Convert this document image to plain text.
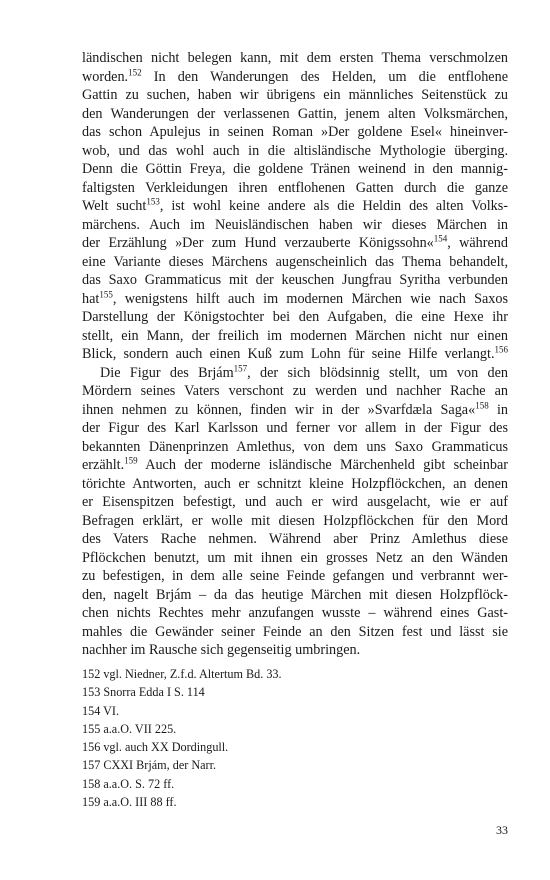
ländischen nicht belegen kann, mit dem ersten Thema verschmolzen
worden.$^{152}$ In den Wanderungen des Helden, um die entflohene
Gattin zu suchen, haben wir übrigens ein männliches Seitenstück zu
den Wanderungen der verlassenen Gattin, jenem alten Volksmärchen,
das schon Apulejus in seinen Roman »Der goldene Esel« hineinver-
wob, und das wohl auch in die altisländische Mythologie überging.
Denn die Göttin Freya, die goldene Tränen weinend in den mannig-
faltigsten Verkleidungen ihren entflohenen Gatten durch die ganze
Welt sucht$^{153}$, ist wohl keine andere als die Heldin des alten Volks-
märchens. Auch im Neuisländischen haben wir dieses Märchen in
der Erzählung »Der zum Hund verzauberte Königssohn«$^{154}$, während
eine Variante dieses Märchens augenscheinlich das Thema behandelt,
das Saxo Grammaticus mit der keuschen Jungfrau Syritha verbunden
hat$^{155}$, wenigstens hilft auch im modernen Märchen wie nach Saxos
Darstellung der Königstochter bei den Aufgaben, die eine Hexe ihr
stellt, ein Mann, der freilich im modernen Märchen nicht nur einen
Blick, sondern auch einen Kuß zum Lohn für seine Hilfe verlangt.$^{156}$
Die Figur des Brjám$^{157}$, der sich blödsinnig stellt, um von den
Mördern seines Vaters verschont zu werden und nachher Rache an
ihnen nehmen zu können, finden wir in der »Svarfdæla Saga«$^{158}$ in
der Figur des Karl Karlsson und ferner vor allem in der Figur des
bekannten Dänenprinzen Amlethus, von dem uns Saxo Grammaticus
erzählt.$^{159}$ Auch der moderne isländische Märchenheld gibt scheinbar
törichte Antworten, auch er schnitzt kleine Holzpflöckchen, an denen
er Eisenspitzen befestigt, und auch er wird ausgelacht, wie er auf
Befragen erklärt, er wolle mit diesen Holzpflöckchen für den Mord
des Vaters Rache nehmen. Während aber Prinz Amlethus diese
Pflöckchen benutzt, um mit ihnen ein grosses Netz an den Wänden
zu befestigen, in dem alle seine Feinde gefangen und verbrannt wer-
den, nagelt Brjám – da das heutige Märchen mit diesen Holzpflöck-
chen nichts Rechtes mehr anzufangen wusste – während eines Gast-
mahles die Gewänder seiner Feinde an den Sitzen fest und lässt sie
nachher im Rausche sich gegenseitig umbringen.
152 vgl. Niedner, Z.f.d. Altertum Bd. 33.
153 Snorra Edda I S. 114
154 VI.
155 a.a.O. VII 225.
156 vgl. auch XX Dordingull.
157 CXXI Brjám, der Narr.
158 a.a.O. S. 72 ff.
159 a.a.O. III 88 ff.
33
